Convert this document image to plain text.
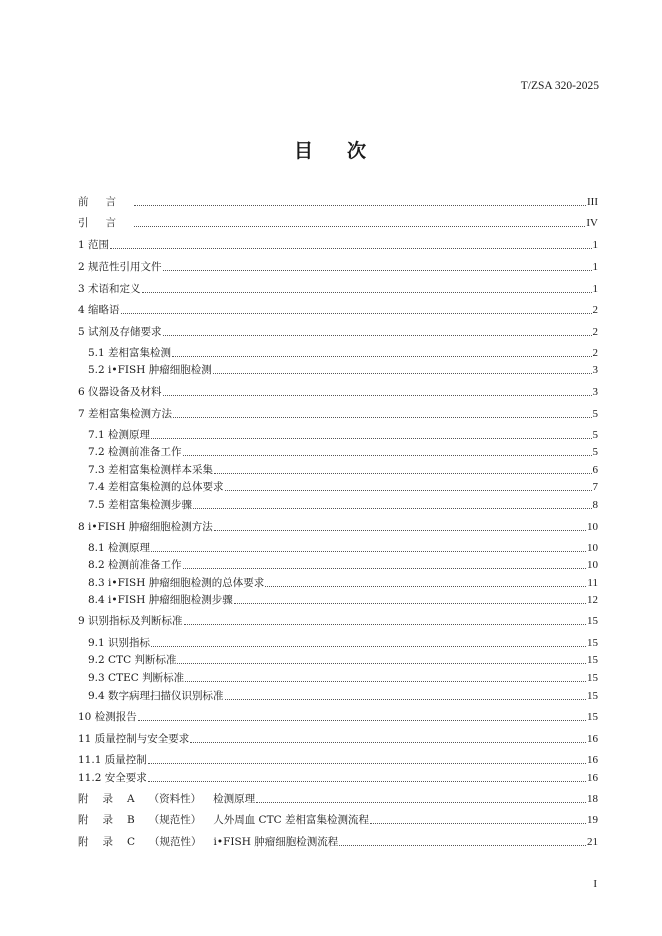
T/ZSA 320-2025
目 次
前言	III
引言	IV
1 范围	1
2 规范性引用文件	1
3 术语和定义	1
4 缩略语	2
5 试剂及存储要求	2
5.1 差相富集检测	2
5.2 i•FISH 肿瘤细胞检测	3
6 仪器设备及材料	3
7 差相富集检测方法	5
7.1 检测原理	5
7.2 检测前准备工作	5
7.3 差相富集检测样本采集	6
7.4 差相富集检测的总体要求	7
7.5 差相富集检测步骤	8
8 i•FISH 肿瘤细胞检测方法	10
8.1 检测原理	10
8.2 检测前准备工作	10
8.3 i•FISH 肿瘤细胞检测的总体要求	11
8.4 i•FISH 肿瘤细胞检测步骤	12
9 识别指标及判断标准	15
9.1 识别指标	15
9.2 CTC 判断标准	15
9.3 CTEC 判断标准	15
9.4 数字病理扫描仪识别标准	15
10 检测报告	15
11 质量控制与安全要求	16
11.1 质量控制	16
11.2 安全要求	16
附 录 A （资料性） 检测原理	18
附 录 B （规范性） 人外周血 CTC 差相富集检测流程	19
附 录 C （规范性） i•FISH 肿瘤细胞检测流程	21
I
